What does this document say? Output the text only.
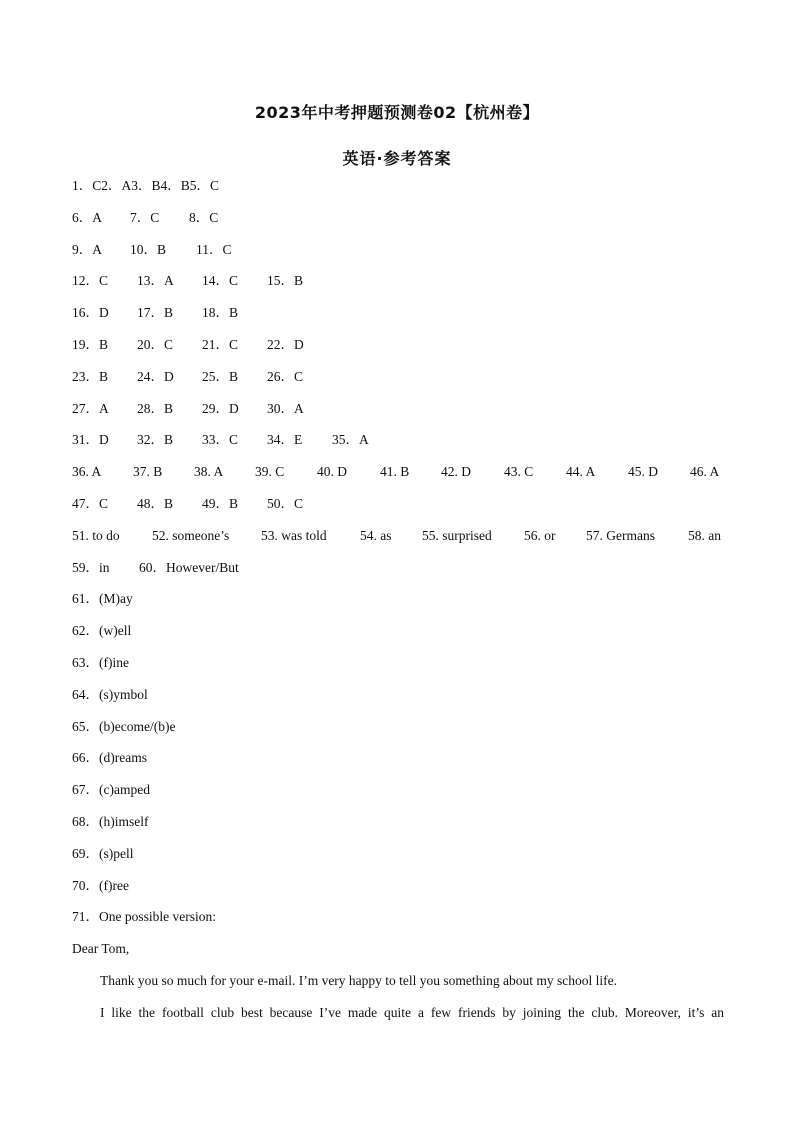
2023年中考押题预测卷02【杭州卷】
英语·参考答案
1．C2．A3．B4．B5．C
6．A 7．C 8．C
9．A 10．B 11．C
12．C 13．A 14．C 15．B
16．D 17．B 18．B
19．B 20．C 21．C 22．D
23．B 24．D 25．B 26．C
27．A 28．B 29．D 30．A
31．D 32．B 33．C 34．E 35．A
36. A 37. B 38. A 39. C 40. D 41. B 42. D 43. C 44. A 45. D 46. A
47．C 48．B 49．B 50．C
51. to do 52. someone’s 53. was told 54. as 55. surprised 56. or 57. Germans 58. an
59．in 60．However/But
61．(M)ay
62．(w)ell
63．(f)ine
64．(s)ymbol
65．(b)ecome/(b)e
66．(d)reams
67．(c)amped
68．(h)imself
69．(s)pell
70．(f)ree
71．One possible version:
Dear Tom,
Thank you so much for your e-mail. I’m very happy to tell you something about my school life.
I like the football club best because I’ve made quite a few friends by joining the club. Moreover, it’s an
